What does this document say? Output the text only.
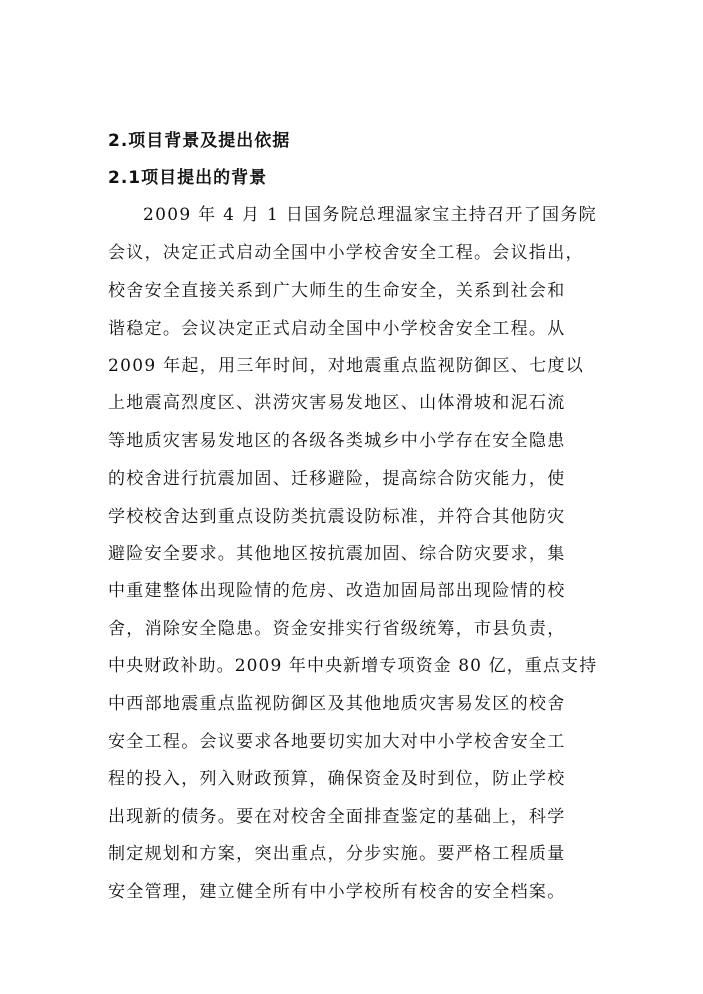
2.项目背景及提出依据
2.1项目提出的背景
2009 年 4 月 1 日国务院总理温家宝主持召开了国务院
会议，决定正式启动全国中小学校舍安全工程。会议指出，
校舍安全直接关系到广大师生的生命安全，关系到社会和
谐稳定。会议决定正式启动全国中小学校舍安全工程。从
2009 年起，用三年时间，对地震重点监视防御区、七度以
上地震高烈度区、洪涝灾害易发地区、山体滑坡和泥石流
等地质灾害易发地区的各级各类城乡中小学存在安全隐患
的校舍进行抗震加固、迁移避险，提高综合防灾能力，使
学校校舍达到重点设防类抗震设防标准，并符合其他防灾
避险安全要求。其他地区按抗震加固、综合防灾要求，集
中重建整体出现险情的危房、改造加固局部出现险情的校
舍，消除安全隐患。资金安排实行省级统筹，市县负责，
中央财政补助。2009 年中央新增专项资金 80 亿，重点支持
中西部地震重点监视防御区及其他地质灾害易发区的校舍
安全工程。会议要求各地要切实加大对中小学校舍安全工
程的投入，列入财政预算，确保资金及时到位，防止学校
出现新的债务。要在对校舍全面排查鉴定的基础上，科学
制定规划和方案，突出重点，分步实施。要严格工程质量
安全管理，建立健全所有中小学校所有校舍的安全档案。
